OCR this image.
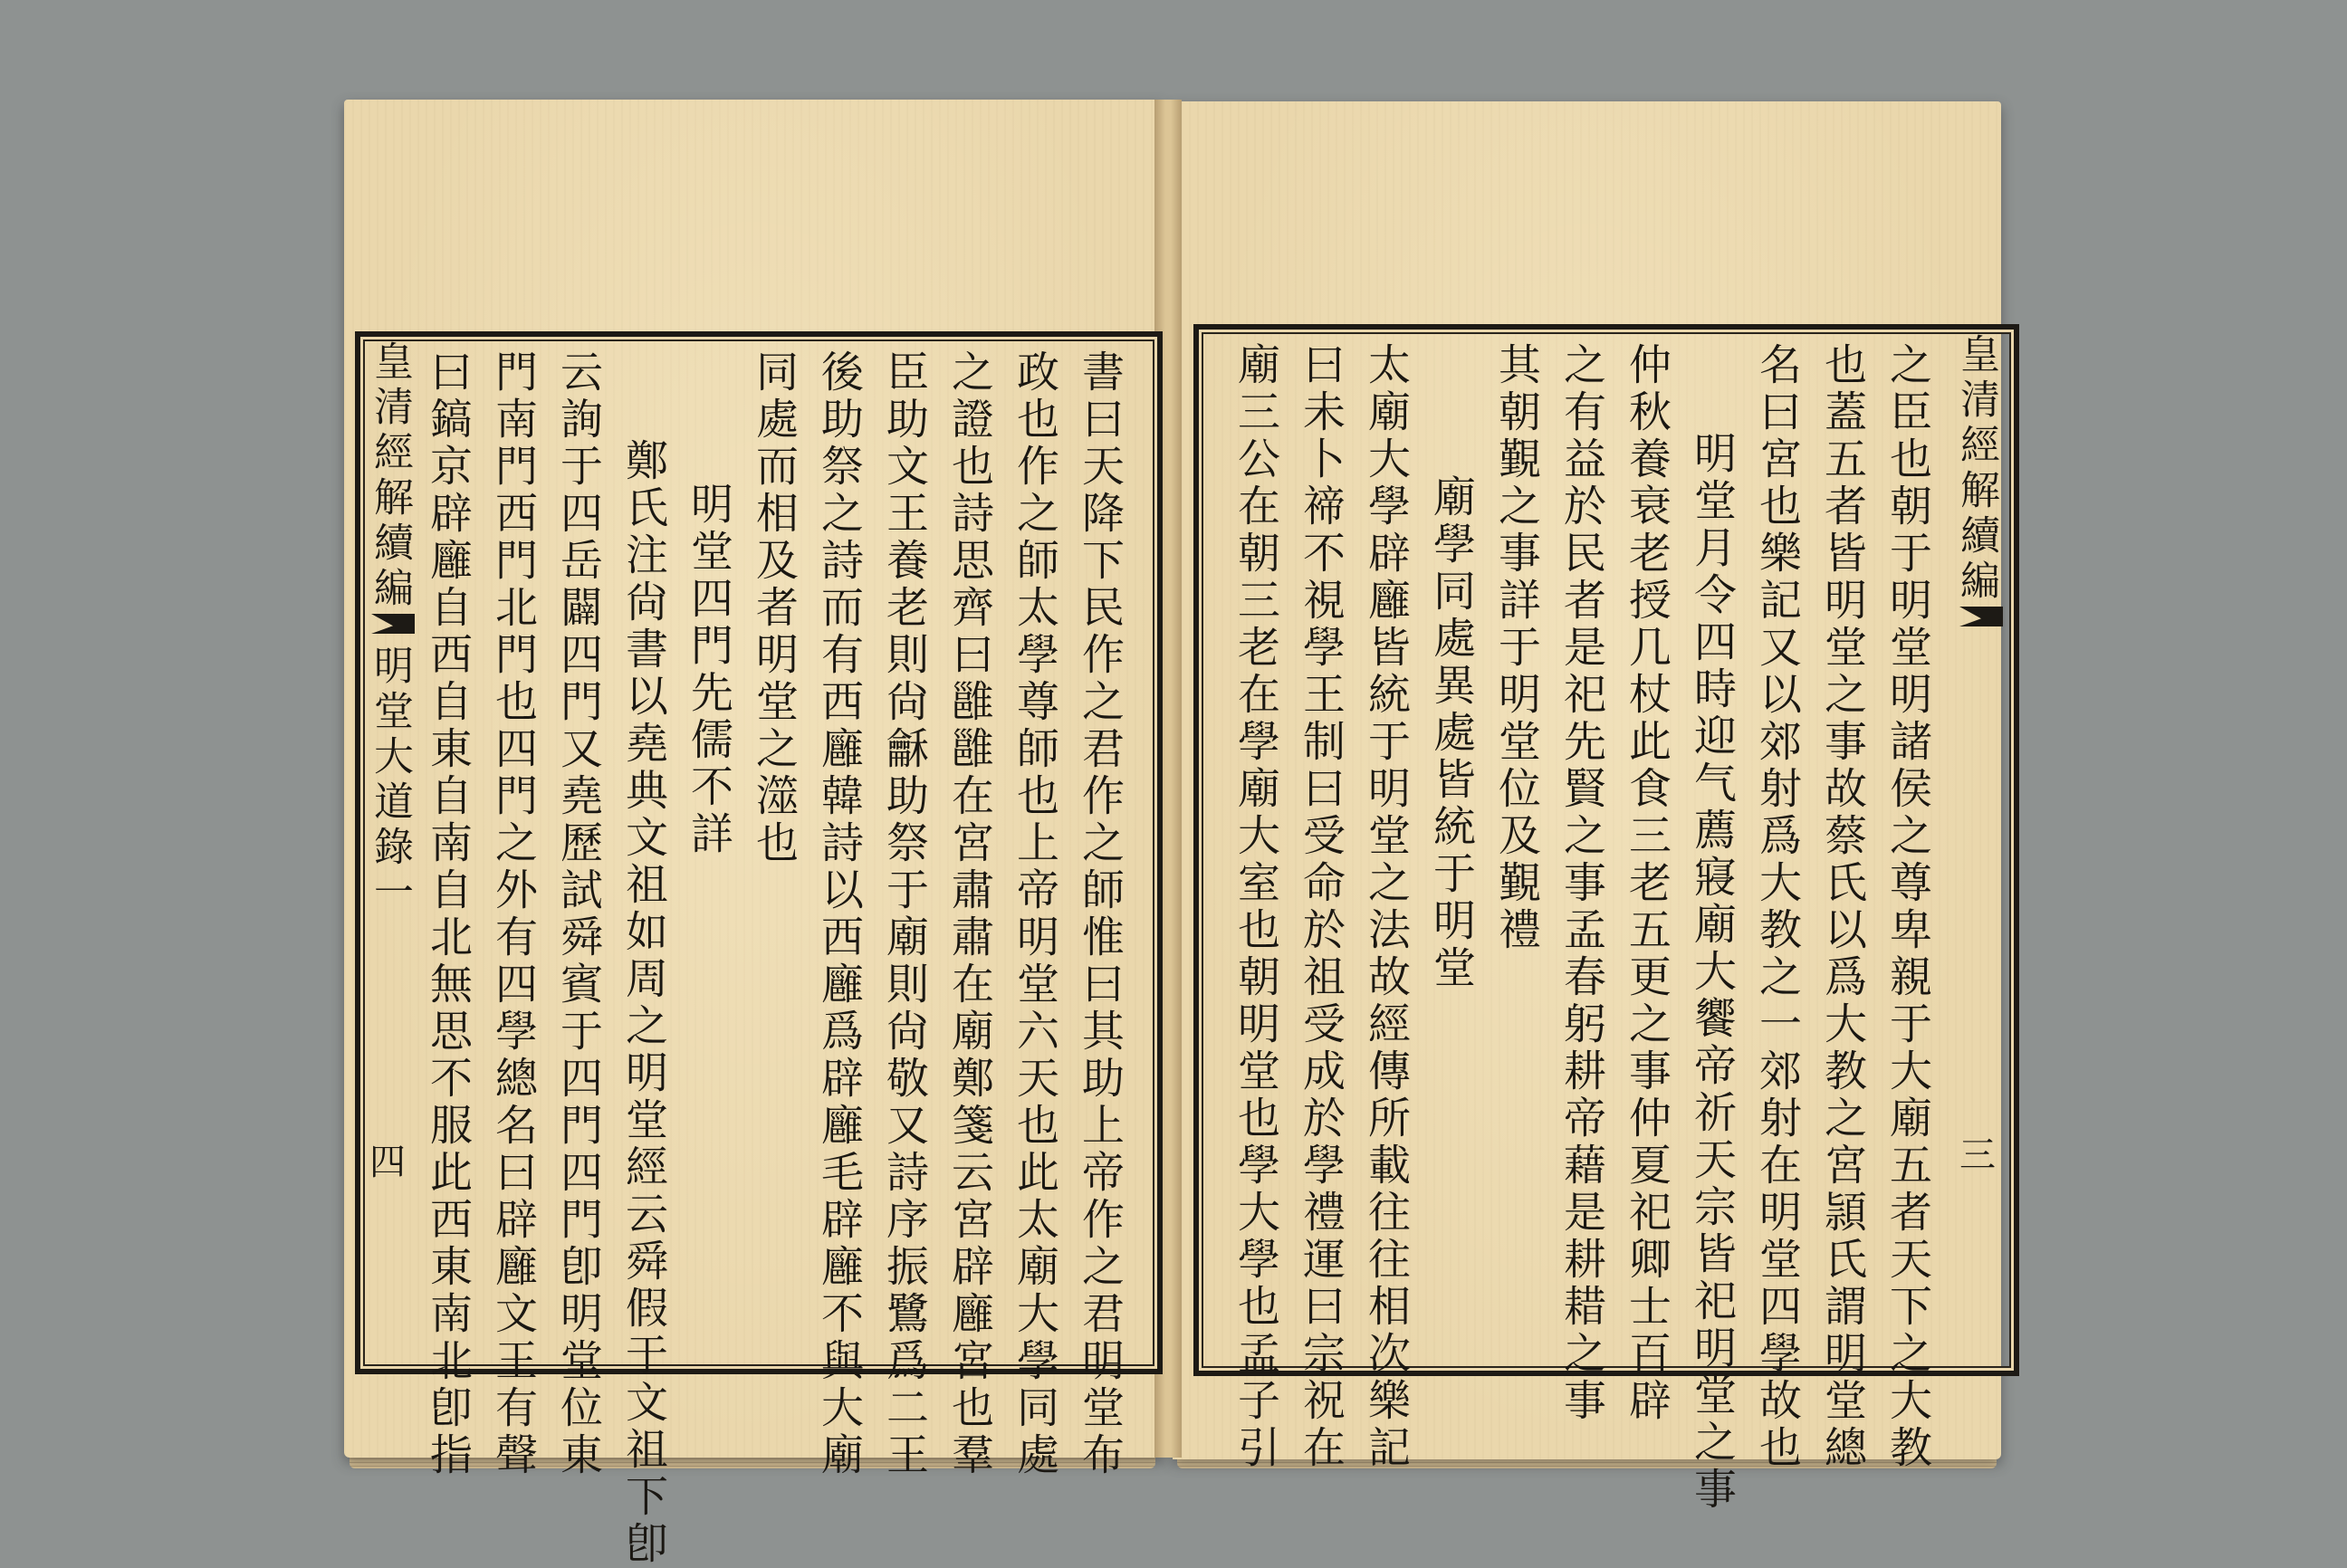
皇清經解續編
明堂大道錄一
四	書曰天降下民作之君作之師惟曰其助上帝作之君明堂布
政也作之師太學尊師也上帝明堂六天也此太廟大學同處
之證也詩思齊曰雝雝在宮肅肅在廟鄭箋云宮辟廱宮也羣
臣助文王養老則尙龢助祭于廟則尙敬又詩序振鷺爲二王
後助祭之詩而有西廱韓詩以西廱爲辟廱毛辟廱不與大廟
同處而相及者明堂之澨也
明堂四門先儒不詳
鄭氏注尙書以堯典文祖如周之明堂經云舜假于文祖下卽
云詢于四岳闢四門又堯歷試舜賓于四門四門卽明堂位東
門南門西門北門也四門之外有四學總名曰辟廱文王有聲
曰鎬京辟廱自西自東自南自北無思不服此西東南北卽指	皇清經解續編
三
之臣也朝于明堂明諸侯之尊卑親于大廟五者天下之大教
也蓋五者皆明堂之事故蔡氏以爲大教之宮頴氏謂明堂總
名曰宮也樂記又以郊射爲大教之一郊射在明堂四學故也
明堂月令四時迎气薦寢廟大饗帝祈天宗皆祀明堂之事
仲秋養衰老授几杖此食三老五更之事仲夏祀卿士百辟
之有益於民者是祀先賢之事孟春躬耕帝藉是耕耤之事
其朝覲之事詳于明堂位及覲禮
廟學同處異處皆統于明堂
太廟大學辟廱皆統于明堂之法故經傳所載往往相次樂記
曰未卜禘不視學王制曰受命於祖受成於學禮運曰宗祝在
廟三公在朝三老在學廟大室也朝明堂也學大學也孟子引
